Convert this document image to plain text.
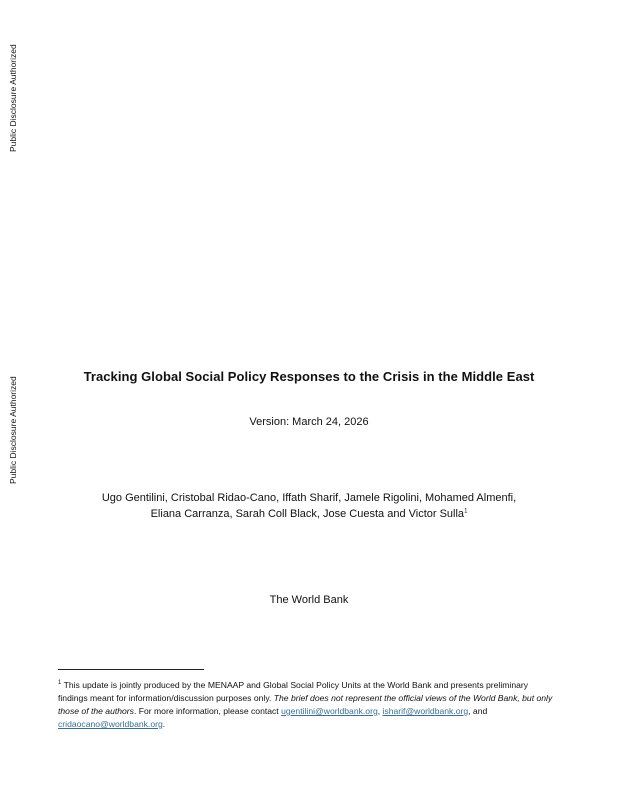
Public Disclosure Authorized
Public Disclosure Authorized	Tracking Global Social Policy Responses to the Crisis in the Middle East
Version: March 24, 2026
Ugo Gentilini, Cristobal Ridao-Cano, Iffath Sharif, Jamele Rigolini, Mohamed Almenfi,
Eliana Carranza, Sarah Coll Black, Jose Cuesta and Victor Sulla$^1$
The World Bank
$^1$ This update is jointly produced by the MENAAP and Global Social Policy Units at the World Bank and presents preliminary findings meant for information/discussion purposes only. The brief does not represent the official views of the World Bank, but only those of the authors. For more information, please contact ugentilini@worldbank.org, isharif@worldbank.org, and cridaocano@worldbank.org.
